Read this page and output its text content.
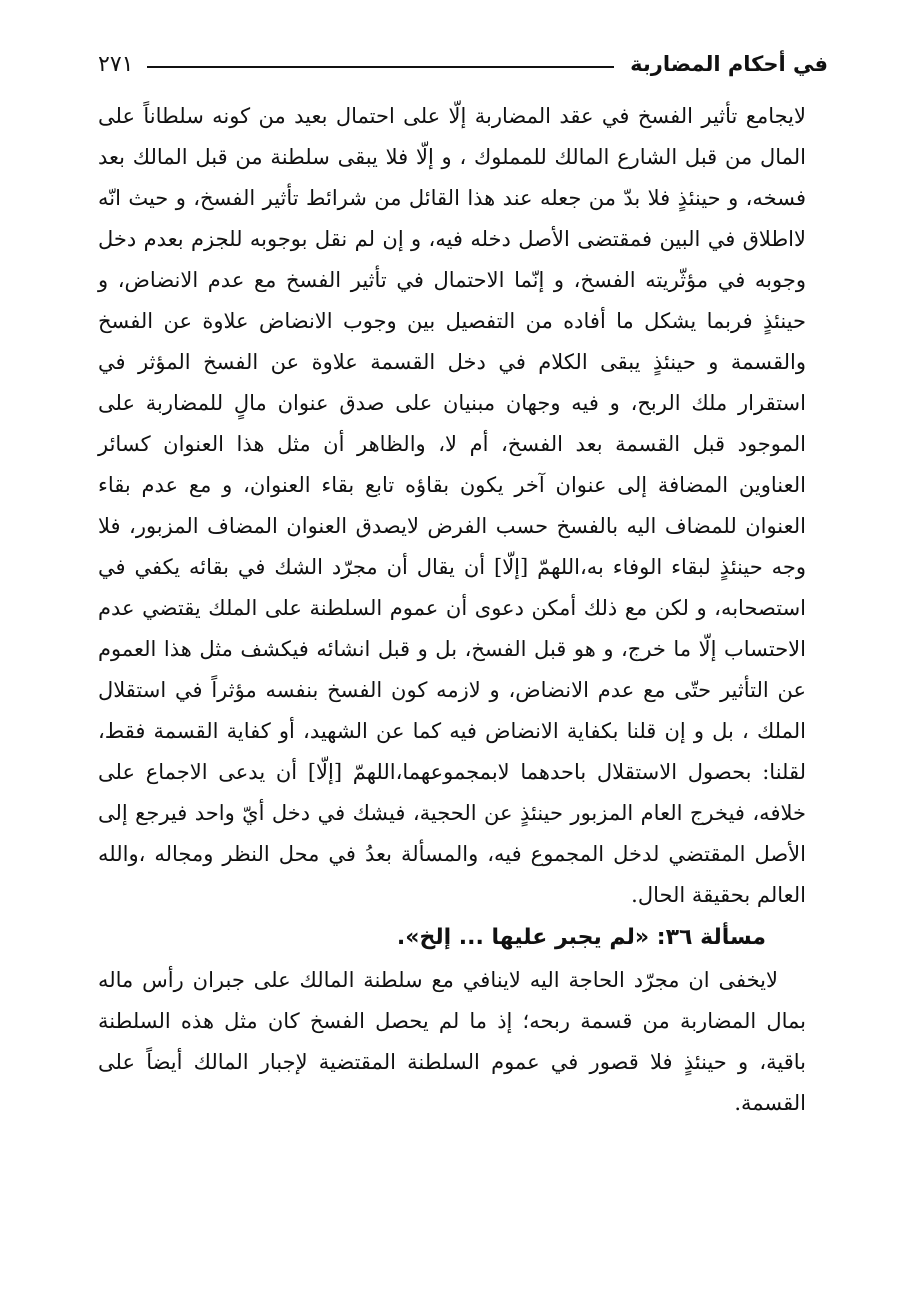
في أحكام المضاربة
٢٧١

لايجامع تأثير الفسخ في عقد المضاربة إلّا على احتمال بعيد من كونه سلطاناً على المال من قبل الشارع المالك للمملوك ، و إلّا فلا يبقى سلطنة من قبل المالك بعد فسخه، و حينئذٍ فلا بدّ من جعله عند هذا القائل من شرائط تأثير الفسخ، و حيث انّه لااطلاق في البين فمقتضى الأصل دخله فيه، و إن لم نقل بوجوبه للجزم بعدم دخل وجوبه في مؤثّريته الفسخ، و إنّما الاحتمال في تأثير الفسخ مع عدم الانضاض، و حينئذٍ فربما يشكل ما أفاده من التفصيل بين وجوب الانضاض علاوة عن الفسخ والقسمة و حينئذٍ يبقى الكلام في دخل القسمة علاوة عن الفسخ المؤثر في استقرار ملك الربح، و فيه وجهان مبنيان على صدق عنوان مالٍ للمضاربة على الموجود قبل القسمة بعد الفسخ، أم لا، والظاهر أن مثل هذا العنوان كسائر العناوين المضافة إلى عنوان آخر يكون بقاؤه تابع بقاء العنوان، و مع عدم بقاء العنوان للمضاف اليه بالفسخ حسب الفرض لايصدق العنوان المضاف المزبور، فلا وجه حينئذٍ لبقاء الوفاء به،اللهمّ [إلّا] أن يقال أن مجرّد الشك في بقائه يكفي في استصحابه، و لكن مع ذلك أمكن دعوى أن عموم السلطنة على الملك يقتضي عدم الاحتساب إلّا ما خرج، و هو قبل الفسخ، بل و قبل انشائه فيكشف مثل هذا العموم عن التأثير حتّى مع عدم الانضاض، و لازمه كون الفسخ بنفسه مؤثراً في استقلال الملك ، بل و إن قلنا بكفاية الانضاض فيه كما عن الشهيد، أو كفاية القسمة فقط، لقلنا: بحصول الاستقلال باحدهما لابمجموعهما،اللهمّ [إلّا] أن يدعى الاجماع على خلافه، فيخرج العام المزبور حينئذٍ عن الحجية، فيشك في دخل أيّ واحد فيرجع إلى الأصل المقتضي لدخل المجموع فيه، والمسألة بعدُ في محل النظر ومجاله ،والله العالم بحقيقة الحال.

مسألة ٣٦: «لم يجبر عليها ... إلخ».

لايخفى ان مجرّد الحاجة اليه لاينافي مع سلطنة المالك على جبران رأس ماله بمال المضاربة من قسمة ربحه؛ إذ ما لم يحصل الفسخ كان مثل هذه السلطنة باقية، و حينئذٍ فلا قصور في عموم السلطنة المقتضية لإجبار المالك أيضاً على القسمة.
